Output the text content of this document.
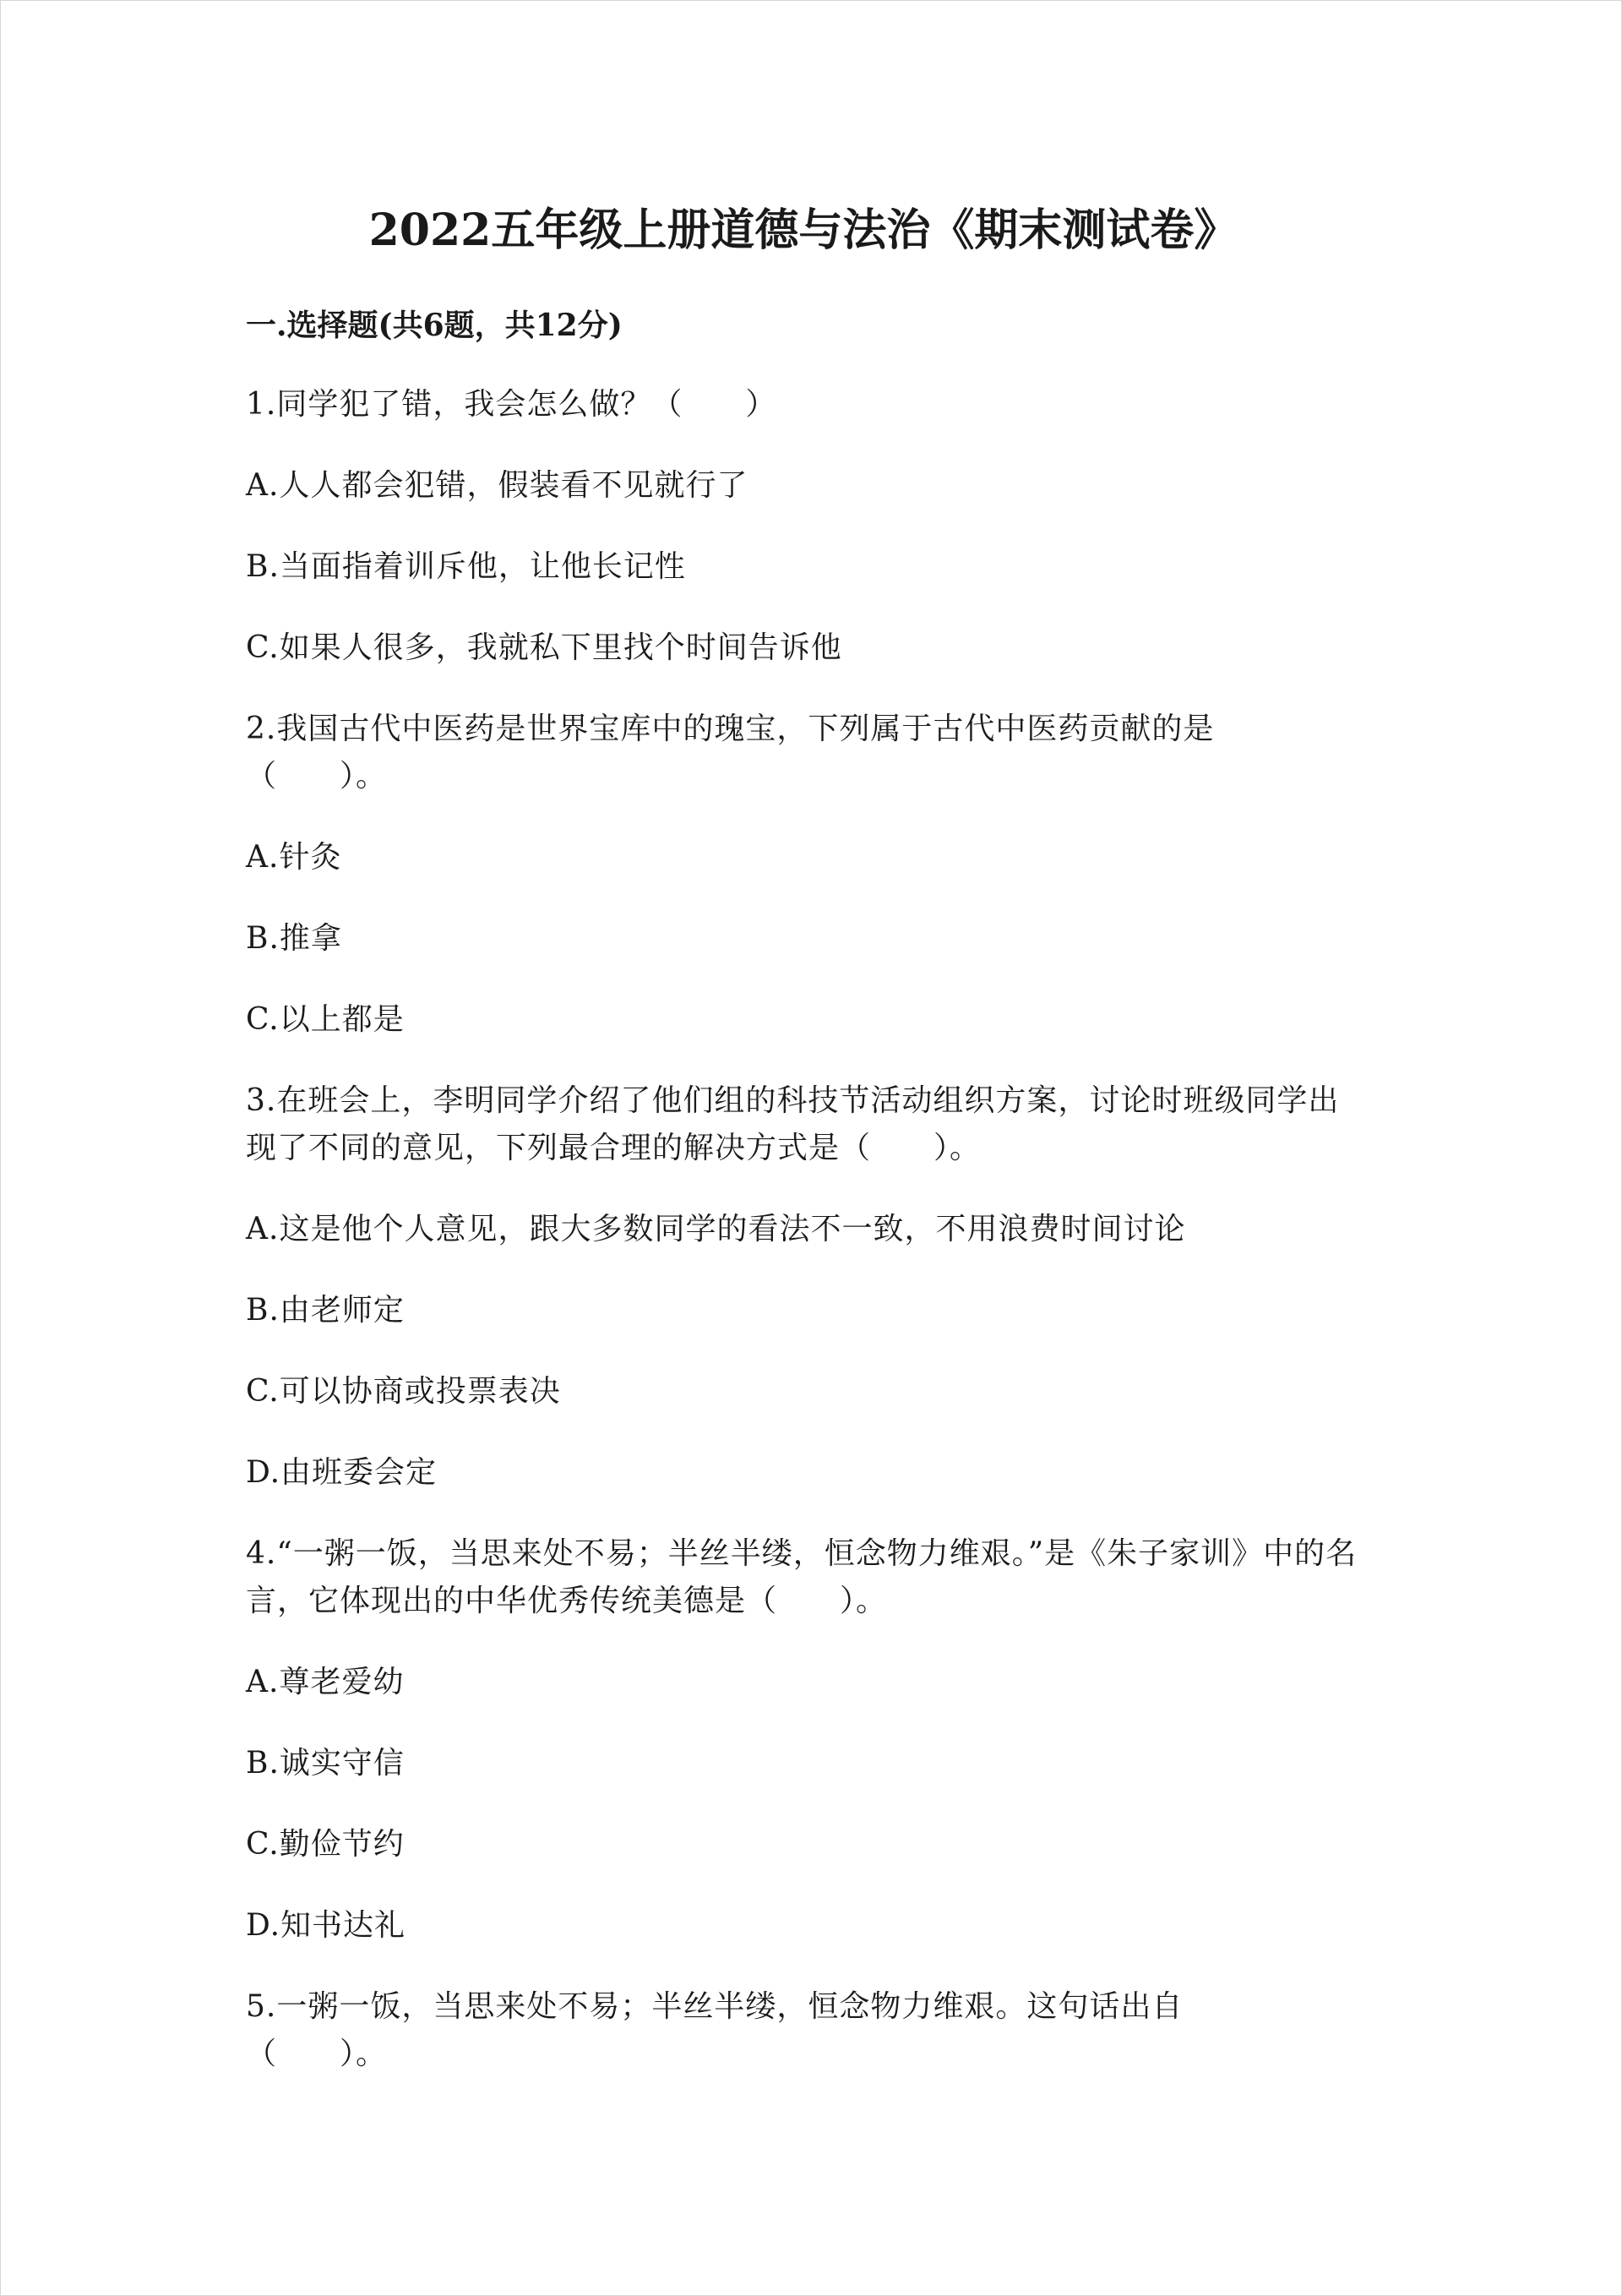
2022五年级上册道德与法治《期末测试卷》
一.选择题(共6题，共12分)
1.同学犯了错，我会怎么做？（　　）
A.人人都会犯错，假装看不见就行了
B.当面指着训斥他，让他长记性
C.如果人很多，我就私下里找个时间告诉他
2.我国古代中医药是世界宝库中的瑰宝，下列属于古代中医药贡献的是（　　）。
A.针灸
B.推拿
C.以上都是
3.在班会上，李明同学介绍了他们组的科技节活动组织方案，讨论时班级同学出现了不同的意见，下列最合理的解决方式是（　　）。
A.这是他个人意见，跟大多数同学的看法不一致，不用浪费时间讨论
B.由老师定
C.可以协商或投票表决
D.由班委会定
4.“一粥一饭，当思来处不易；半丝半缕，恒念物力维艰。”是《朱子家训》中的名言，它体现出的中华优秀传统美德是（　　）。
A.尊老爱幼
B.诚实守信
C.勤俭节约
D.知书达礼
5.一粥一饭，当思来处不易；半丝半缕，恒念物力维艰。这句话出自（　　）。
